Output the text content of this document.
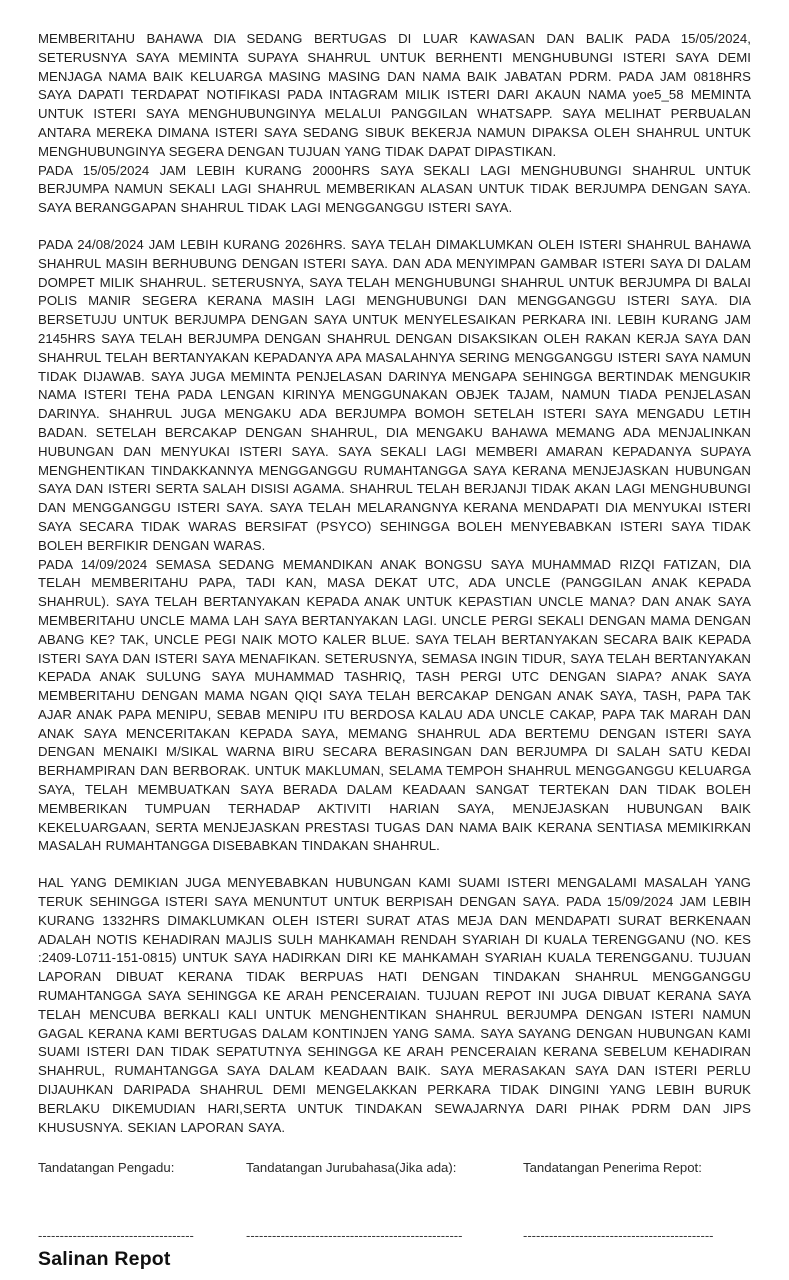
MEMBERITAHU BAHAWA DIA SEDANG BERTUGAS DI LUAR KAWASAN DAN BALIK PADA 15/05/2024, SETERUSNYA SAYA MEMINTA SUPAYA SHAHRUL UNTUK BERHENTI MENGHUBUNGI ISTERI SAYA DEMI MENJAGA NAMA BAIK KELUARGA MASING MASING DAN NAMA BAIK JABATAN PDRM. PADA JAM 0818HRS SAYA DAPATI TERDAPAT NOTIFIKASI PADA INTAGRAM MILIK ISTERI DARI AKAUN NAMA yoe5_58 MEMINTA UNTUK ISTERI SAYA MENGHUBUNGINYA MELALUI PANGGILAN WHATSAPP. SAYA MELIHAT PERBUALAN ANTARA MEREKA DIMANA ISTERI SAYA SEDANG SIBUK BEKERJA NAMUN DIPAKSA OLEH SHAHRUL UNTUK MENGHUBUNGINYA SEGERA DENGAN TUJUAN YANG TIDAK DAPAT DIPASTIKAN.
PADA 15/05/2024 JAM LEBIH KURANG 2000HRS SAYA SEKALI LAGI MENGHUBUNGI SHAHRUL UNTUK BERJUMPA NAMUN SEKALI LAGI SHAHRUL MEMBERIKAN ALASAN UNTUK TIDAK BERJUMPA DENGAN SAYA. SAYA BERANGGAPAN SHAHRUL TIDAK LAGI MENGGANGGU ISTERI SAYA.
PADA 24/08/2024 JAM LEBIH KURANG 2026HRS. SAYA TELAH DIMAKLUMKAN OLEH ISTERI SHAHRUL BAHAWA SHAHRUL MASIH BERHUBUNG DENGAN ISTERI SAYA. DAN ADA MENYIMPAN GAMBAR ISTERI SAYA DI DALAM DOMPET MILIK SHAHRUL. SETERUSNYA, SAYA TELAH MENGHUBUNGI SHAHRUL UNTUK BERJUMPA DI BALAI POLIS MANIR SEGERA KERANA MASIH LAGI MENGHUBUNGI DAN MENGGANGGU ISTERI SAYA. DIA BERSETUJU UNTUK BERJUMPA DENGAN SAYA UNTUK MENYELESAIKAN PERKARA INI. LEBIH KURANG JAM 2145HRS SAYA TELAH BERJUMPA DENGAN SHAHRUL DENGAN DISAKSIKAN OLEH RAKAN KERJA SAYA DAN SHAHRUL TELAH BERTANYAKAN KEPADANYA APA MASALAHNYA SERING MENGGANGGU ISTERI SAYA NAMUN TIDAK DIJAWAB. SAYA JUGA MEMINTA PENJELASAN DARINYA MENGAPA SEHINGGA BERTINDAK MENGUKIR NAMA ISTERI TEHA PADA LENGAN KIRINYA MENGGUNAKAN OBJEK TAJAM, NAMUN TIADA PENJELASAN DARINYA. SHAHRUL JUGA MENGAKU ADA BERJUMPA BOMOH SETELAH ISTERI SAYA MENGADU LETIH BADAN. SETELAH BERCAKAP DENGAN SHAHRUL, DIA MENGAKU BAHAWA MEMANG ADA MENJALINKAN HUBUNGAN DAN MENYUKAI ISTERI SAYA. SAYA SEKALI LAGI MEMBERI AMARAN KEPADANYA SUPAYA MENGHENTIKAN TINDAKKANNYA MENGGANGGU RUMAHTANGGA SAYA KERANA MENJEJASKAN HUBUNGAN SAYA DAN ISTERI SERTA SALAH DISISI AGAMA. SHAHRUL TELAH BERJANJI TIDAK AKAN LAGI MENGHUBUNGI DAN MENGGANGGU ISTERI SAYA. SAYA TELAH MELARANGNYA KERANA MENDAPATI DIA MENYUKAI ISTERI SAYA SECARA TIDAK WARAS BERSIFAT (PSYCO) SEHINGGA BOLEH MENYEBABKAN ISTERI SAYA TIDAK BOLEH BERFIKIR DENGAN WARAS.
PADA 14/09/2024 SEMASA SEDANG MEMANDIKAN ANAK BONGSU SAYA MUHAMMAD RIZQI FATIZAN, DIA TELAH MEMBERITAHU PAPA, TADI KAN, MASA DEKAT UTC, ADA UNCLE (PANGGILAN ANAK KEPADA SHAHRUL). SAYA TELAH BERTANYAKAN KEPADA ANAK UNTUK KEPASTIAN UNCLE MANA? DAN ANAK SAYA MEMBERITAHU UNCLE MAMA LAH SAYA BERTANYAKAN LAGI. UNCLE PERGI SEKALI DENGAN MAMA DENGAN ABANG KE? TAK, UNCLE PEGI NAIK MOTO KALER BLUE. SAYA TELAH BERTANYAKAN SECARA BAIK KEPADA ISTERI SAYA DAN ISTERI SAYA MENAFIKAN. SETERUSNYA, SEMASA INGIN TIDUR, SAYA TELAH BERTANYAKAN KEPADA ANAK SULUNG SAYA MUHAMMAD TASHRIQ, TASH PERGI UTC DENGAN SIAPA? ANAK SAYA MEMBERITAHU DENGAN MAMA NGAN QIQI SAYA TELAH BERCAKAP DENGAN ANAK SAYA, TASH, PAPA TAK AJAR ANAK PAPA MENIPU, SEBAB MENIPU ITU BERDOSA KALAU ADA UNCLE CAKAP, PAPA TAK MARAH DAN ANAK SAYA MENCERITAKAN KEPADA SAYA, MEMANG SHAHRUL ADA BERTEMU DENGAN ISTERI SAYA DENGAN MENAIKI M/SIKAL WARNA BIRU SECARA BERASINGAN DAN BERJUMPA DI SALAH SATU KEDAI BERHAMPIRAN DAN BERBORAK. UNTUK MAKLUMAN, SELAMA TEMPOH SHAHRUL MENGGANGGU KELUARGA SAYA, TELAH MEMBUATKAN SAYA BERADA DALAM KEADAAN SANGAT TERTEKAN DAN TIDAK BOLEH MEMBERIKAN TUMPUAN TERHADAP AKTIVITI HARIAN SAYA, MENJEJASKAN HUBUNGAN BAIK KEKELUARGAAN, SERTA MENJEJASKAN PRESTASI TUGAS DAN NAMA BAIK KERANA SENTIASA MEMIKIRKAN MASALAH RUMAHTANGGA DISEBABKAN TINDAKAN SHAHRUL.
HAL YANG DEMIKIAN JUGA MENYEBABKAN HUBUNGAN KAMI SUAMI ISTERI MENGALAMI MASALAH YANG TERUK SEHINGGA ISTERI SAYA MENUNTUT UNTUK BERPISAH DENGAN SAYA. PADA 15/09/2024 JAM LEBIH KURANG 1332HRS DIMAKLUMKAN OLEH ISTERI SURAT ATAS MEJA DAN MENDAPATI SURAT BERKENAAN ADALAH NOTIS KEHADIRAN MAJLIS SULH MAHKAMAH RENDAH SYARIAH DI KUALA TERENGGANU (NO. KES :2409-L0711-151-0815) UNTUK SAYA HADIRKAN DIRI KE MAHKAMAH SYARIAH KUALA TERENGGANU. TUJUAN LAPORAN DIBUAT KERANA TIDAK BERPUAS HATI DENGAN TINDAKAN SHAHRUL MENGGANGGU RUMAHTANGGA SAYA SEHINGGA KE ARAH PENCERAIAN. TUJUAN REPOT INI JUGA DIBUAT KERANA SAYA TELAH MENCUBA BERKALI KALI UNTUK MENGHENTIKAN SHAHRUL BERJUMPA DENGAN ISTERI NAMUN GAGAL KERANA KAMI BERTUGAS DALAM KONTINJEN YANG SAMA. SAYA SAYANG DENGAN HUBUNGAN KAMI SUAMI ISTERI DAN TIDAK SEPATUTNYA SEHINGGA KE ARAH PENCERAIAN KERANA SEBELUM KEHADIRAN SHAHRUL, RUMAHTANGGA SAYA DALAM KEADAAN BAIK. SAYA MERASAKAN SAYA DAN ISTERI PERLU DIJAUHKAN DARIPADA SHAHRUL DEMI MENGELAKKAN PERKARA TIDAK DINGINI YANG LEBIH BURUK BERLAKU DIKEMUDIAN HARI,SERTA UNTUK TINDAKAN SEWAJARNYA DARI PIHAK PDRM DAN JIPS KHUSUSNYA. SEKIAN LAPORAN SAYA.
Tandatangan Pengadu:
------------------------------------
Tandatangan Jurubahasa(Jika ada):
--------------------------------------------------
Tandatangan Penerima Repot:
--------------------------------------------
Salinan Repot
